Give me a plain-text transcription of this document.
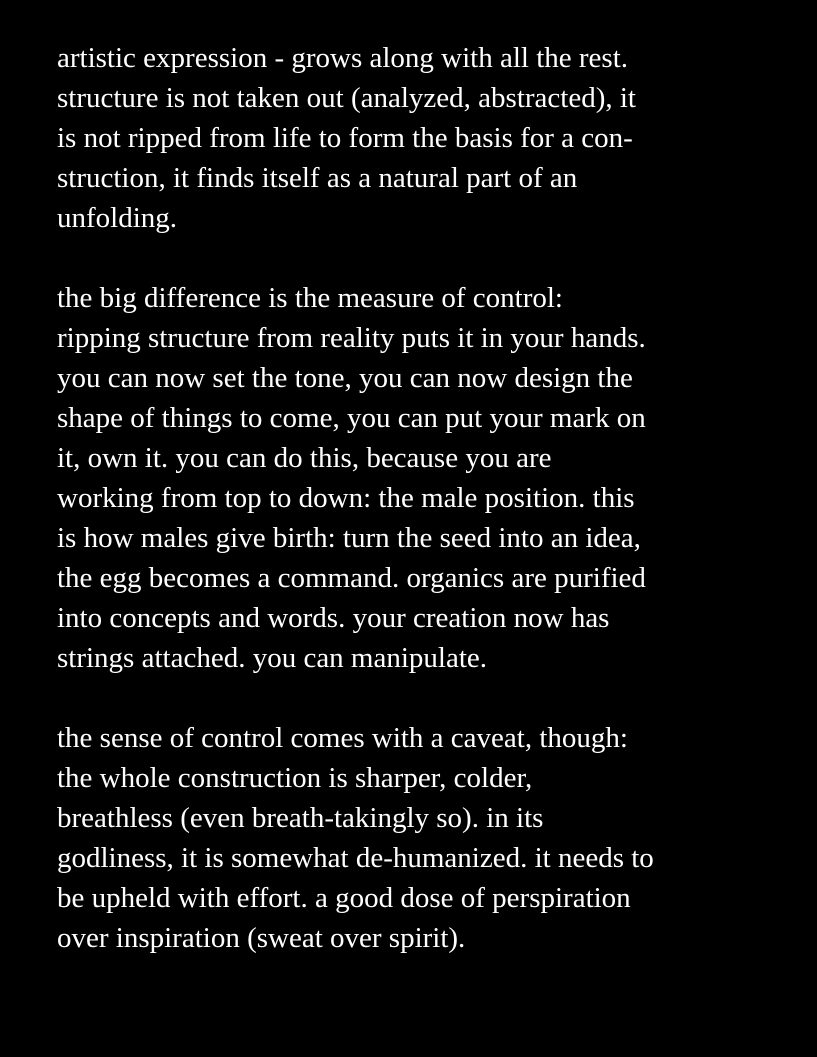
artistic expression - grows along with all the rest.
structure is not taken out (analyzed, abstracted), it
is not ripped from life to form the basis for a con-
struction, it finds itself as a natural part of an
unfolding.
the big difference is the measure of control:
ripping structure from reality puts it in your hands.
you can now set the tone, you can now design the
shape of things to come, you can put your mark on
it, own it. you can do this, because you are
working from top to down: the male position. this
is how males give birth: turn the seed into an idea,
the egg becomes a command. organics are purified
into concepts and words. your creation now has
strings attached. you can manipulate.
the sense of control comes with a caveat, though:
the whole construction is sharper, colder,
breathless (even breath-takingly so). in its
godliness, it is somewhat de-humanized. it needs to
be upheld with effort. a good dose of perspiration
over inspiration (sweat over spirit).
